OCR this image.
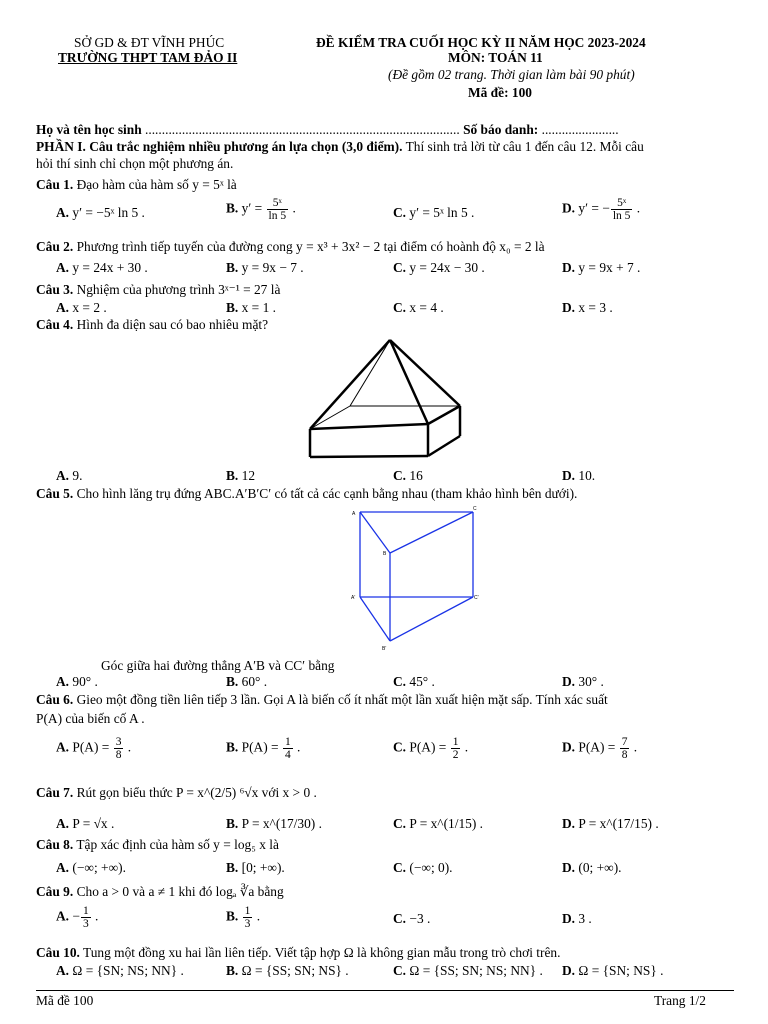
SỞ GD & ĐT VĨNH PHÚC
TRƯỜNG THPT TAM ĐẢO II
ĐỀ KIỂM TRA CUỐI HỌC KỲ II NĂM HỌC 2023-2024
MÔN: TOÁN 11
(Đề gồm 02 trang. Thời gian làm bài 90 phút)
Mã đề: 100
Họ và tên học sinh .............................................................................................. Số báo danh: .......................
PHẦN I. Câu trắc nghiệm nhiều phương án lựa chọn (3,0 điểm). Thí sinh trả lời từ câu 1 đến câu 12. Mỗi câu
hỏi thí sinh chỉ chọn một phương án.
Câu 1. Đạo hàm của hàm số y = 5ˣ là
A. y′ = −5ˣ ln 5 .	B. $y' = \frac{\text{5ˣ}}{\ln 5}$ .	C. y′ = 5ˣ ln 5 .	D. y′ = − $\frac{\text{5ˣ}}{\ln 5}$ .
Câu 2. Phương trình tiếp tuyến của đường cong y = x³ + 3x² − 2 tại điểm có hoành độ x₀ = 2 là
A. y = 24x + 30 .	B. y = 9x − 7 .	C. y = 24x − 30 .	D. y = 9x + 7 .
Câu 3. Nghiệm của phương trình 3ˣ⁻¹ = 27 là
A. x = 2 .	B. x = 1 .	C. x = 4 .	D. x = 3 .
Câu 4. Hình đa diện sau có bao nhiêu mặt?
A. 9.	B. 12	C. 16	D. 10.
Câu 5. Cho hình lăng trụ đứng ABC.A′B′C′ có tất cả các cạnh bằng nhau (tham khảo hình bên dưới).
A
C
B
A'	C'
B'
Góc giữa hai đường thẳng A′B và CC′ bằng
A. 90° .	B. 60° .	C. 45° .	D. 30° .
Câu 6. Gieo một đồng tiền liên tiếp 3 lần. Gọi A là biến cố ít nhất một lần xuất hiện mặt sấp. Tính xác suất
P(A) của biến cố A .
A. $P(A) = \frac{3}{8}$ .	B. $P(A) = \frac{1}{4}$ .	C. $P(A) = \frac{1}{2}$ .	D. $P(A) = \frac{7}{8}$ .
Câu 7. Rút gọn biểu thức P = x^(2/5) ⁶√x với x > 0 .
A. P = √x .	B. P = x^(17/30) .	C. P = x^(1/15) .	D. P = x^(17/15) .
Câu 8. Tập xác định của hàm số y = log₅ x là
A. (−∞; +∞).	B. [0; +∞).	C. (−∞; 0).	D. (0; +∞).
Câu 9. Cho a > 0 và a ≠ 1 khi đó logₐ ∛a bằng
A. − $\frac{1}{3}$ .	B. $\frac{1}{3}$ .	C. −3 .	D. 3 .
Câu 10. Tung một đồng xu hai lần liên tiếp. Viết tập hợp Ω là không gian mẫu trong trò chơi trên.
A. Ω = {SN; NS; NN} .	B. Ω = {SS; SN; NS} .	C. Ω = {SS; SN; NS; NN} . D. Ω = {SN; NS} .
Mã đề 100	Trang 1/2
